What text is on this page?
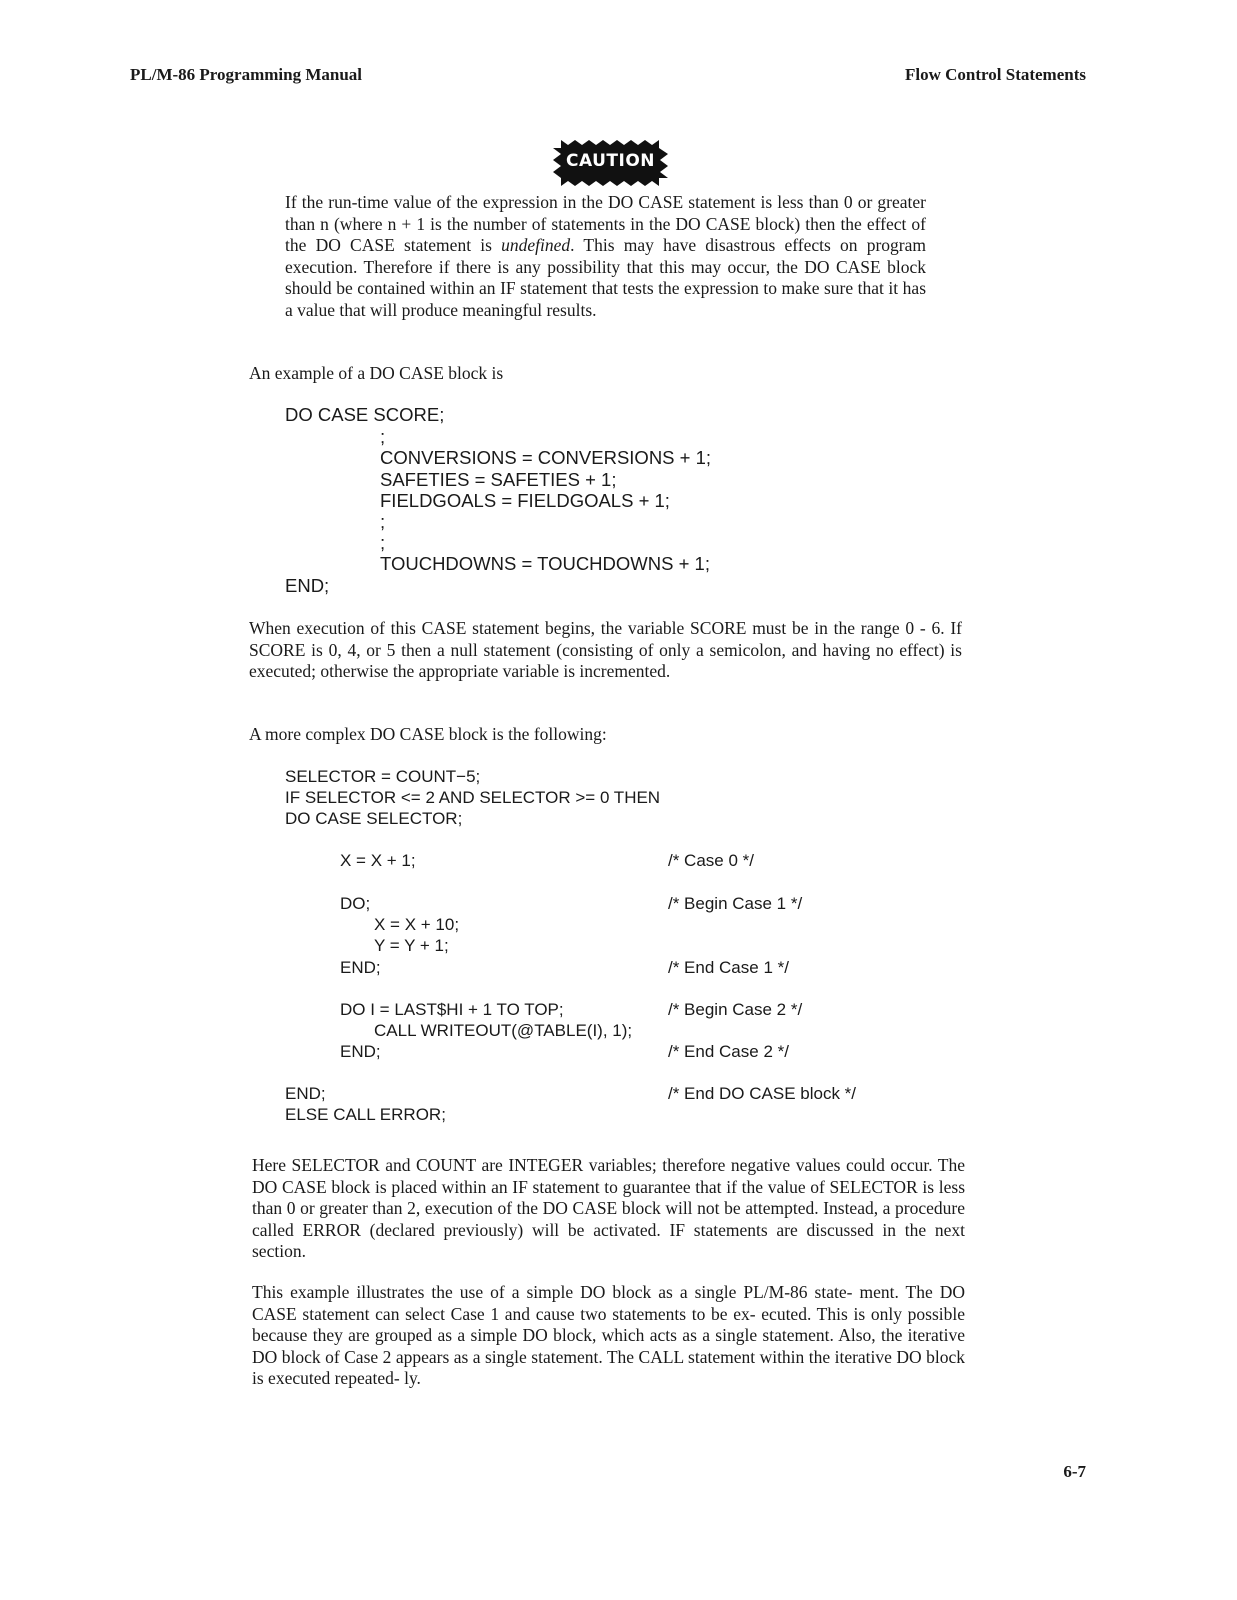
PL/M-86 Programming Manual	Flow Control Statements
CAUTION
If the run-time value of the expression in the DO CASE statement is less than 0 or greater than n (where n + 1 is the number of statements in the DO CASE block) then the effect of the DO CASE statement is undefined. This may have disastrous effects on program execution. Therefore if there is any possibility that this may occur, the DO CASE block should be contained within an IF statement that tests the expression to make sure that it has a value that will produce meaningful results.
An example of a DO CASE block is
DO CASE SCORE;
;
CONVERSIONS = CONVERSIONS + 1;
SAFETIES = SAFETIES + 1;
FIELDGOALS = FIELDGOALS + 1;
;
;
TOUCHDOWNS = TOUCHDOWNS + 1;
END;
When execution of this CASE statement begins, the variable SCORE must be in the range 0 - 6. If SCORE is 0, 4, or 5 then a null statement (consisting of only a semicolon, and having no effect) is executed; otherwise the appropriate variable is incremented.
A more complex DO CASE block is the following:
SELECTOR = COUNT−5;
IF SELECTOR <= 2 AND SELECTOR >= 0 THEN
DO CASE SELECTOR;
X = X + 1;	/* Case 0 */
DO;	/* Begin Case 1 */
X = X + 10;
Y = Y + 1;
END;	/* End Case 1 */
DO I = LAST$HI + 1 TO TOP;	/* Begin Case 2 */
CALL WRITEOUT(@TABLE(I), 1);
END;	/* End Case 2 */
END;	/* End DO CASE block */
ELSE CALL ERROR;
Here SELECTOR and COUNT are INTEGER variables; therefore negative values could occur. The DO CASE block is placed within an IF statement to guarantee that if the value of SELECTOR is less than 0 or greater than 2, execution of the DO CASE block will not be attempted. Instead, a procedure called ERROR (declared previously) will be activated. IF statements are discussed in the next section.
This example illustrates the use of a simple DO block as a single PL/M-86 state- ment. The DO CASE statement can select Case 1 and cause two statements to be ex- ecuted. This is only possible because they are grouped as a simple DO block, which acts as a single statement. Also, the iterative DO block of Case 2 appears as a single statement. The CALL statement within the iterative DO block is executed repeated- ly.
6-7
